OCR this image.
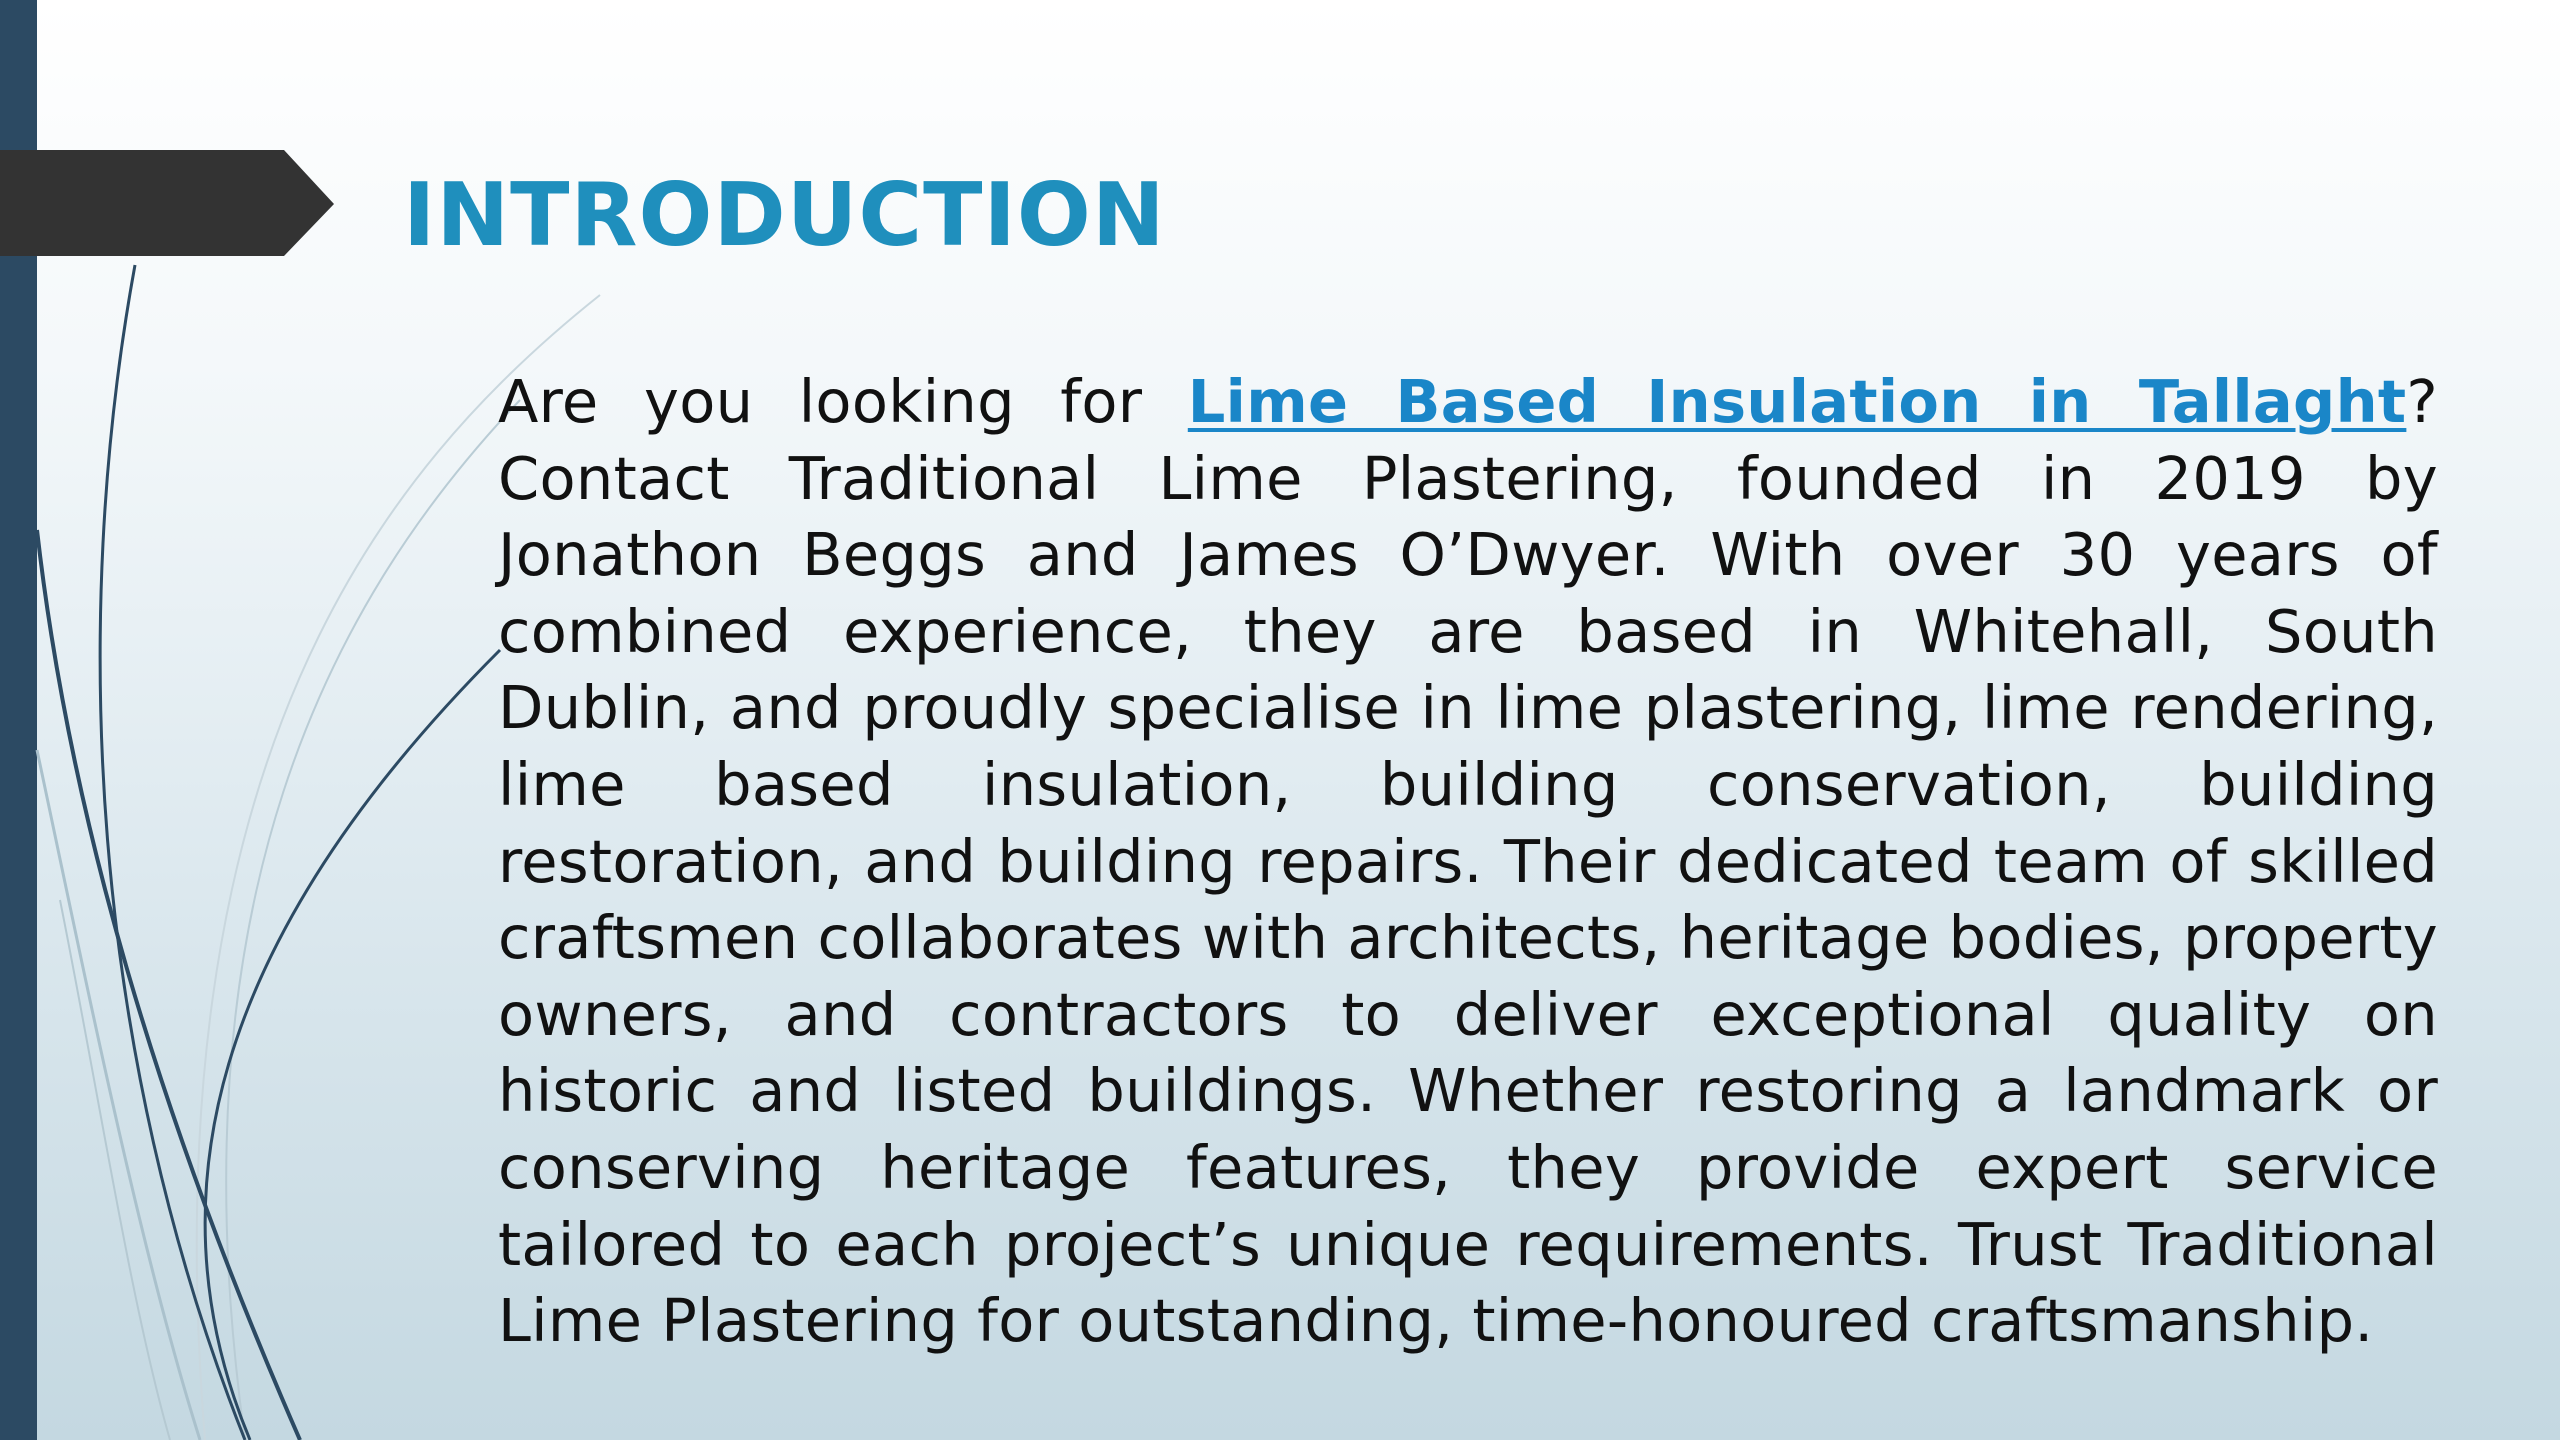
INTRODUCTION

Are you looking for Lime Based Insulation in Tallaght? Contact Traditional Lime Plastering, founded in 2019 by Jonathon Beggs and James O’Dwyer. With over 30 years of combined experience, they are based in Whitehall, South Dublin, and proudly specialise in lime plastering, lime rendering, lime based insulation, building conservation, building restoration, and building repairs. Their dedicated team of skilled craftsmen collaborates with architects, heritage bodies, property owners, and contractors to deliver exceptional quality on historic and listed buildings. Whether restoring a landmark or conserving heritage features, they provide expert service tailored to each project’s unique requirements. Trust Traditional Lime Plastering for outstanding, time-honoured craftsmanship.
